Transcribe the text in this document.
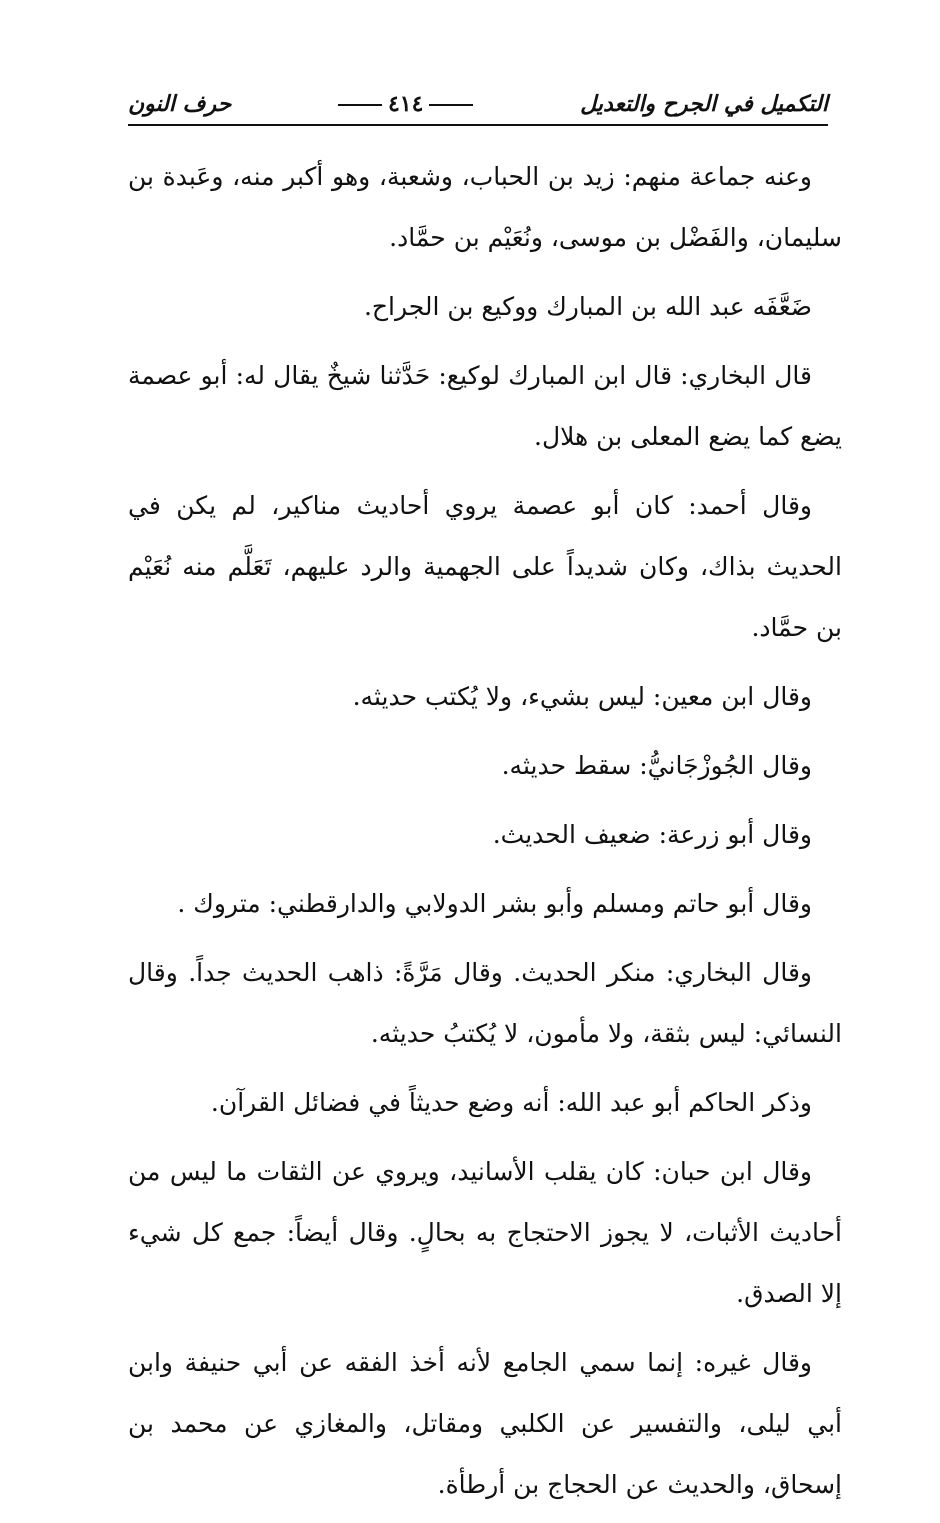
التكميل في الجرح والتعديل
٤١٤
حرف النون

وعنه جماعة منهم: زيد بن الحباب، وشعبة، وهو أكبر منه، وعَبدة بن سليمان، والفَضْل بن موسى، ونُعَيْم بن حمَّاد.

ضَعَّفَه عبد الله بن المبارك ووكيع بن الجراح.

قال البخاري: قال ابن المبارك لوكيع: حَدَّثنا شيخٌ يقال له: أبو عصمة يضع كما يضع المعلى بن هلال.

وقال أحمد: كان أبو عصمة يروي أحاديث مناكير، لم يكن في الحديث بذاك، وكان شديداً على الجهمية والرد عليهم، تَعَلَّم منه نُعَيْم بن حمَّاد.

وقال ابن معين: ليس بشيء، ولا يُكتب حديثه.

وقال الجُوزْجَانيُّ: سقط حديثه.

وقال أبو زرعة: ضعيف الحديث.

وقال أبو حاتم ومسلم وأبو بشر الدولابي والدارقطني: متروك .

وقال البخاري: منكر الحديث. وقال مَرَّةً: ذاهب الحديث جداً. وقال النسائي: ليس بثقة، ولا مأمون، لا يُكتبُ حديثه.

وذكر الحاكم أبو عبد الله: أنه وضع حديثاً في فضائل القرآن.

وقال ابن حبان: كان يقلب الأسانيد، ويروي عن الثقات ما ليس من أحاديث الأثبات، لا يجوز الاحتجاج به بحالٍ. وقال أيضاً: جمع كل شيء إلا الصدق.

وقال غيره: إنما سمي الجامع لأنه أخذ الفقه عن أبي حنيفة وابن أبي ليلى، والتفسير عن الكلبي ومقاتل، والمغازي عن محمد بن إسحاق، والحديث عن الحجاج بن أرطأة.
